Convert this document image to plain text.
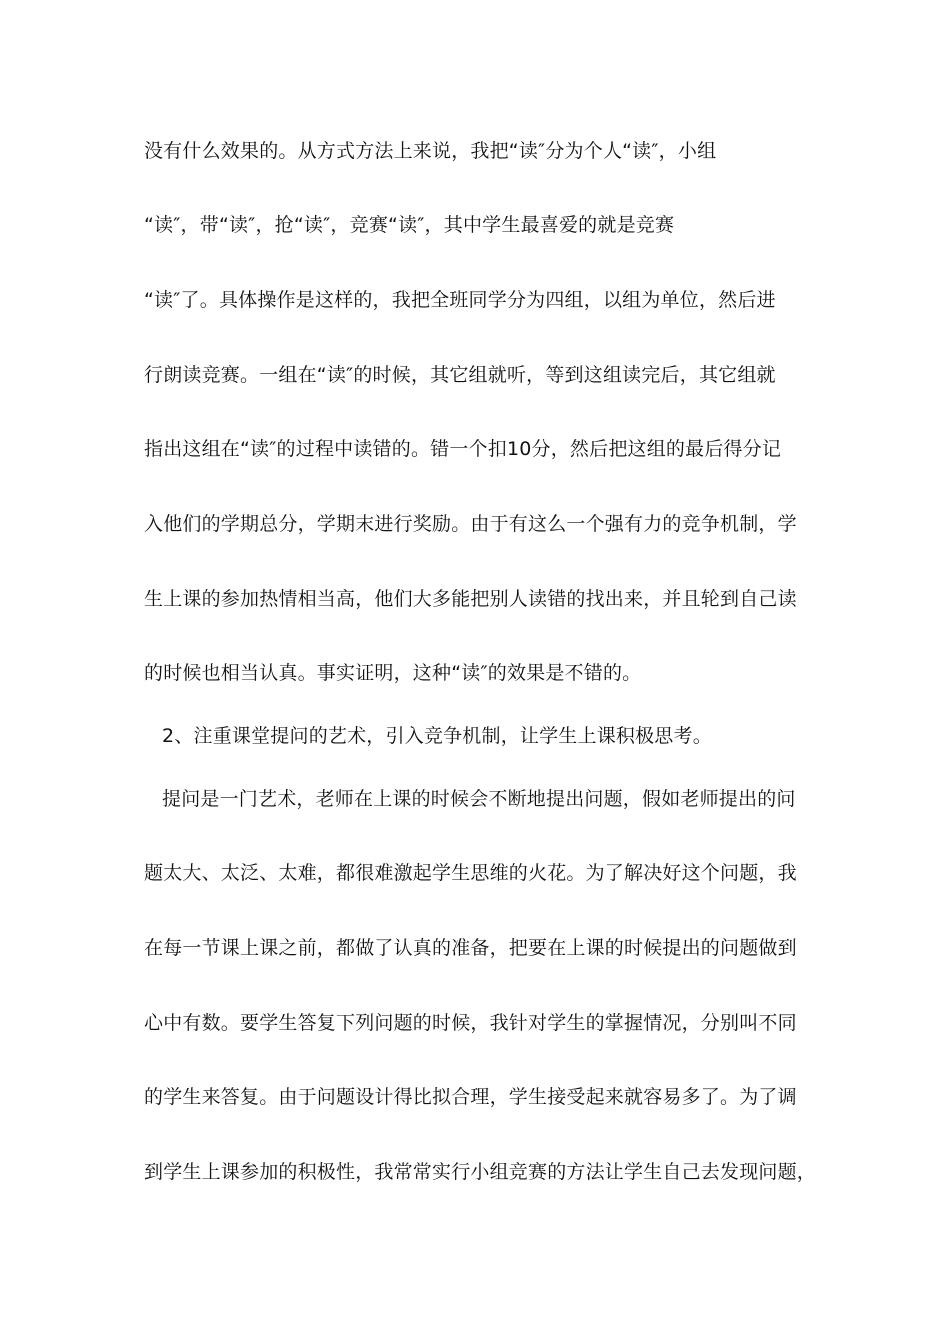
没有什么效果的。从方式方法上来说，我把“读″分为个人“读″，小组
“读″，带“读″，抢“读″，竞赛“读″，其中学生最喜爱的就是竞赛
“读″了。具体操作是这样的，我把全班同学分为四组，以组为单位，然后进
行朗读竞赛。一组在“读″的时候，其它组就听，等到这组读完后，其它组就
指出这组在“读″的过程中读错的。错一个扣10分，然后把这组的最后得分记
入他们的学期总分，学期末进行奖励。由于有这么一个强有力的竞争机制，学
生上课的参加热情相当高，他们大多能把别人读错的找出来，并且轮到自己读
的时候也相当认真。事实证明，这种“读″的效果是不错的。
2、注重课堂提问的艺术，引入竞争机制，让学生上课积极思考。
提问是一门艺术，老师在上课的时候会不断地提出问题，假如老师提出的问
题太大、太泛、太难，都很难激起学生思维的火花。为了解决好这个问题，我
在每一节课上课之前，都做了认真的准备，把要在上课的时候提出的问题做到
心中有数。要学生答复下列问题的时候，我针对学生的掌握情况，分别叫不同
的学生来答复。由于问题设计得比拟合理，学生接受起来就容易多了。为了调
到学生上课参加的积极性，我常常实行小组竞赛的方法让学生自己去发现问题，
